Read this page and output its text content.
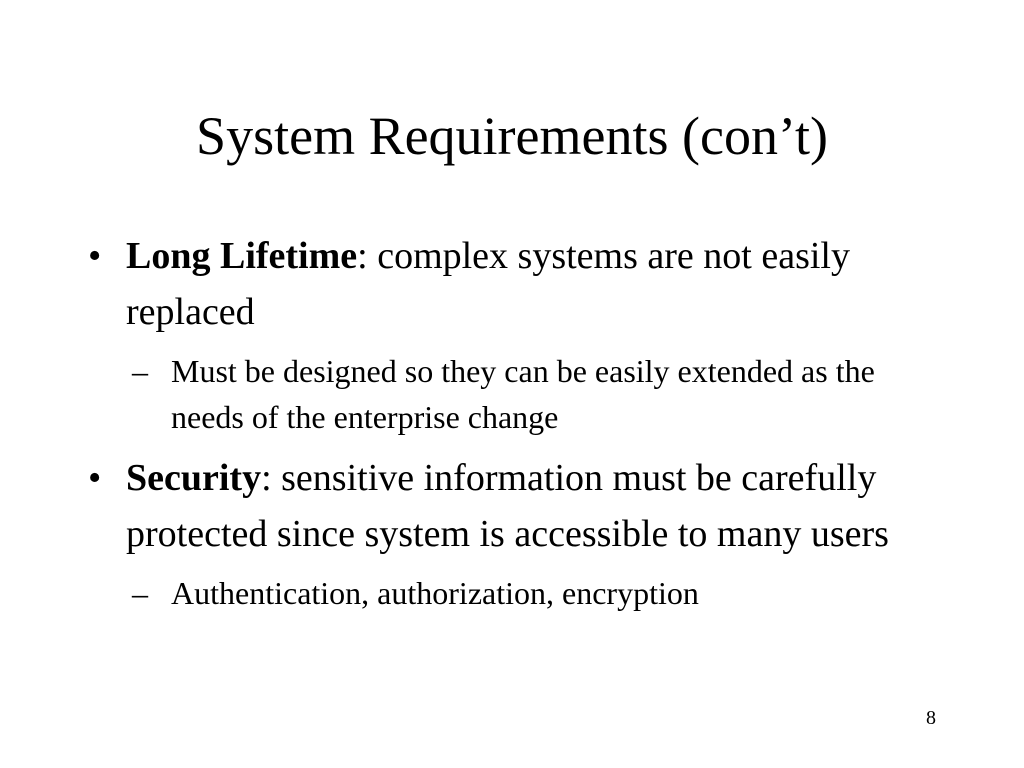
System Requirements (con’t)
• Long Lifetime: complex systems are not easily replaced
– Must be designed so they can be easily extended as the needs of the enterprise change
• Security: sensitive information must be carefully protected since system is accessible to many users
– Authentication, authorization, encryption
8
